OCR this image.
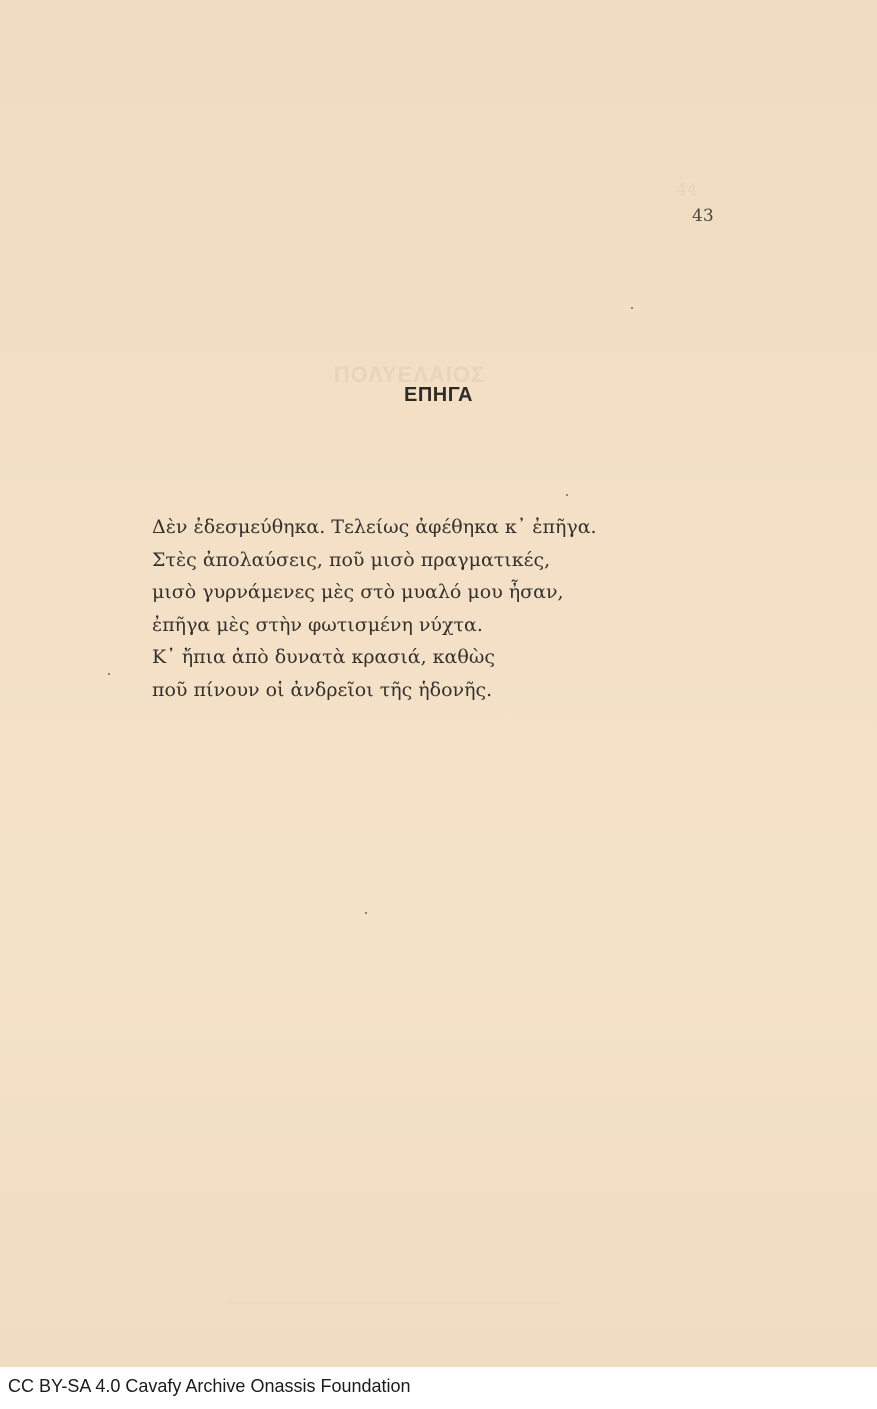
44
43
ΠΟΛΥΕΛΑΙΟΣ
ΕΠΗΓΑ
Δὲν ἐδεσμεύθηκα. Τελείως ἀφέθηκα κ᾽ ἐπῆγα.
Στὲς ἀπολαύσεις, ποῦ μισὸ πραγματικές,
μισὸ γυρνάμενες μὲς στὸ μυαλό μου ἦσαν,
ἐπῆγα μὲς στὴν φωτισμένη νύχτα.
Κ᾽ ἤπια ἀπὸ δυνατὰ κρασιά, καθὼς
ποῦ πίνουν οἱ ἀνδρεῖοι τῆς ἡδονῆς.
CC BY-SA 4.0 Cavafy Archive Onassis Foundation
